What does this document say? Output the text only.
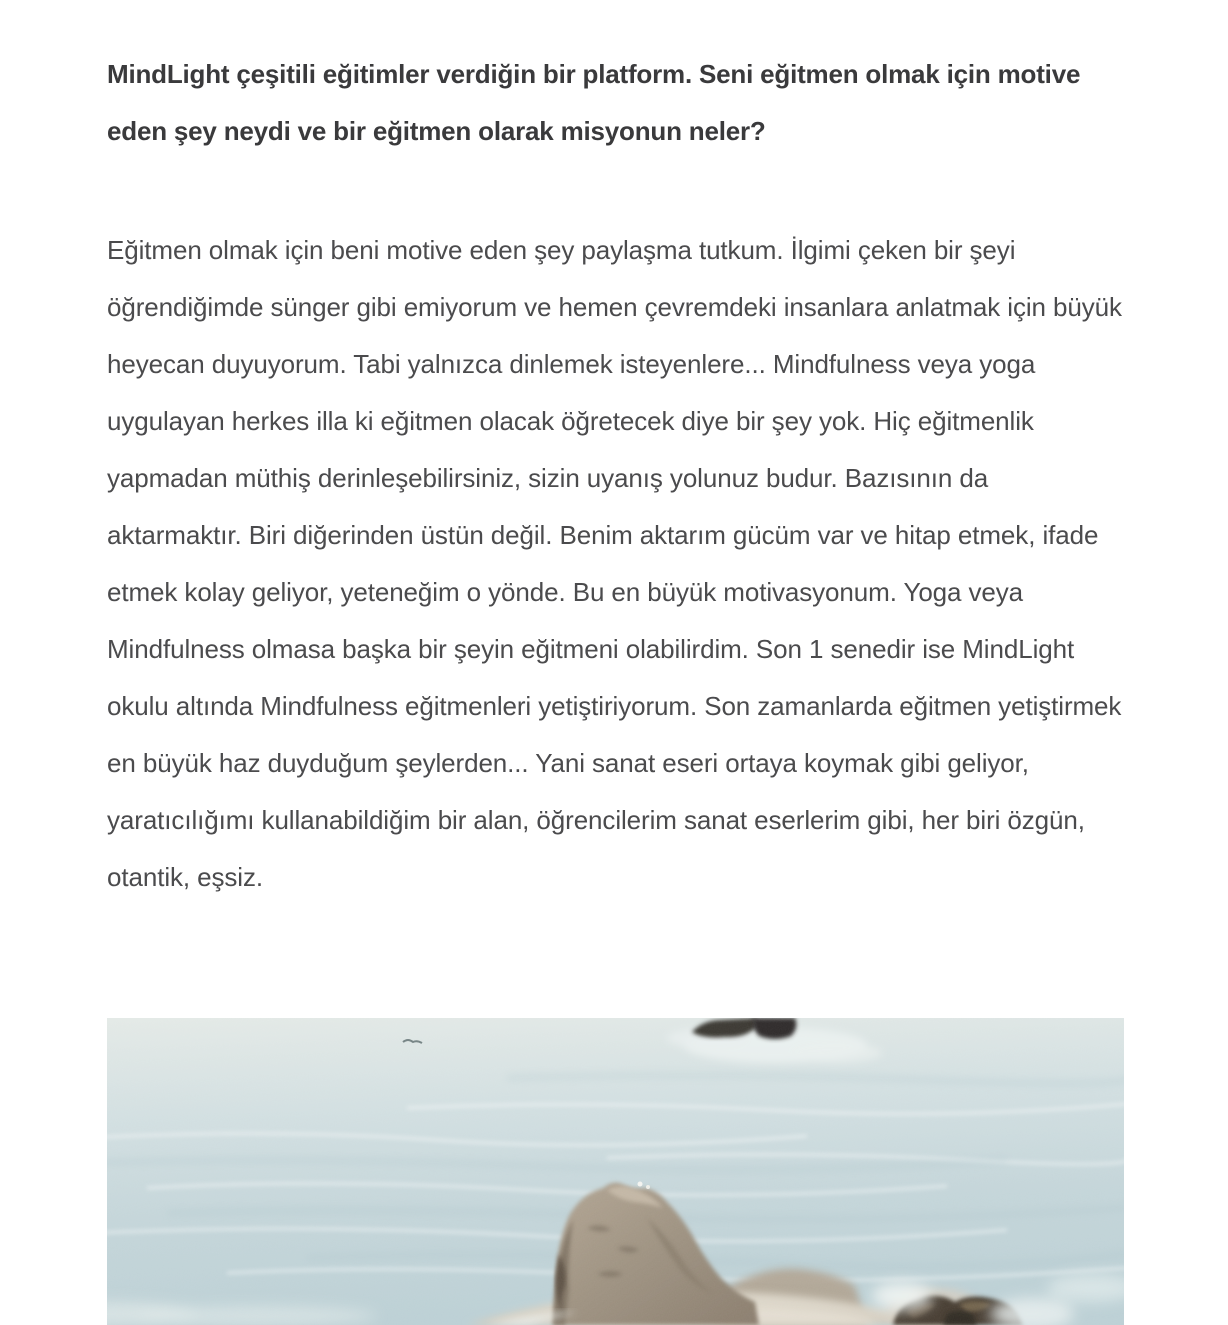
MindLight çeşitili eğitimler verdiğin bir platform. Seni eğitmen olmak için motive eden şey neydi ve bir eğitmen olarak misyonun neler?

Eğitmen olmak için beni motive eden şey paylaşma tutkum. İlgimi çeken bir şeyi öğrendiğimde sünger gibi emiyorum ve hemen çevremdeki insanlara anlatmak için büyük heyecan duyuyorum. Tabi yalnızca dinlemek isteyenlere... Mindfulness veya yoga uygulayan herkes illa ki eğitmen olacak öğretecek diye bir şey yok. Hiç eğitmenlik yapmadan müthiş derinleşebilirsiniz, sizin uyanış yolunuz budur. Bazısının da aktarmaktır. Biri diğerinden üstün değil. Benim aktarım gücüm var ve hitap etmek, ifade etmek kolay geliyor, yeteneğim o yönde. Bu en büyük motivasyonum. Yoga veya Mindfulness olmasa başka bir şeyin eğitmeni olabilirdim. Son 1 senedir ise MindLight okulu altında Mindfulness eğitmenleri yetiştiriyorum. Son zamanlarda eğitmen yetiştirmek en büyük haz duyduğum şeylerden... Yani sanat eseri ortaya koymak gibi geliyor, yaratıcılığımı kullanabildiğim bir alan, öğrencilerim sanat eserlerim gibi, her biri özgün, otantik, eşsiz.
